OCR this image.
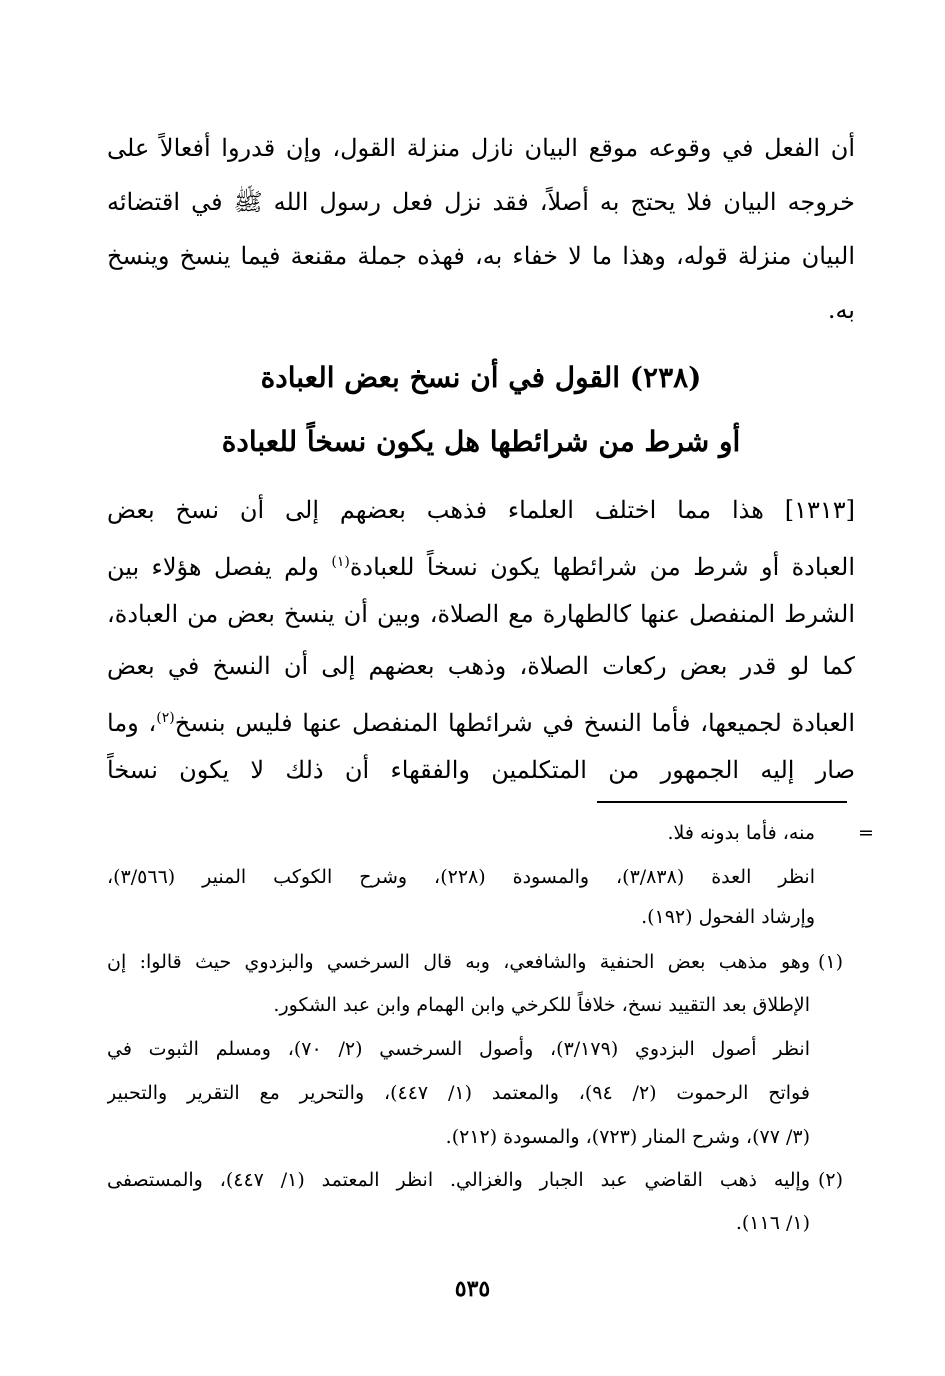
أن الفعل في وقوعه موقع البيان نازل منزلة القول، وإن قدروا أفعالاً على
خروجه البيان فلا يحتج به أصلاً، فقد نزل فعل رسول الله ﷺ في اقتضائه
البيان منزلة قوله، وهذا ما لا خفاء به، فهذه جملة مقنعة فيما ينسخ وينسخ
به.
(٢٣٨) القول في أن نسخ بعض العبادة
أو شرط من شرائطها هل يكون نسخاً للعبادة
[١٣١٣] هذا مما اختلف العلماء فذهب بعضهم إلى أن نسخ بعض
العبادة أو شرط من شرائطها يكون نسخاً للعبادة$^{(١)}$ ولم يفصل هؤلاء بين
الشرط المنفصل عنها كالطهارة مع الصلاة، وبين أن ينسخ بعض من العبادة،
كما لو قدر بعض ركعات الصلاة، وذهب بعضهم إلى أن النسخ في بعض
العبادة لجميعها، فأما النسخ في شرائطها المنفصل عنها فليس بنسخ$^{(٢)}$، وما
صار إليه الجمهور من المتكلمين والفقهاء أن ذلك لا يكون نسخاً
=
منه، فأما بدونه فلا.
انظر العدة (٣/٨٣٨)، والمسودة (٢٢٨)، وشرح الكوكب المنير (٣/٥٦٦)،
وإرشاد الفحول (١٩٢).
(١)
وهو مذهب بعض الحنفية والشافعي، وبه قال السرخسي والبزدوي حيث قالوا: إن
الإطلاق بعد التقييد نسخ، خلافاً للكرخي وابن الهمام وابن عبد الشكور.
انظر أصول البزدوي (٣/١٧٩)، وأصول السرخسي (٢/ ٧٠)، ومسلم الثبوت في
فواتح الرحموت (٢/ ٩٤)، والمعتمد (١/ ٤٤٧)، والتحرير مع التقرير والتحبير
(٣/ ٧٧)، وشرح المنار (٧٢٣)، والمسودة (٢١٢).
(٢)
وإليه ذهب القاضي عبد الجبار والغزالي. انظر المعتمد (١/ ٤٤٧)، والمستصفى
(١/ ١١٦).
٥٣٥
